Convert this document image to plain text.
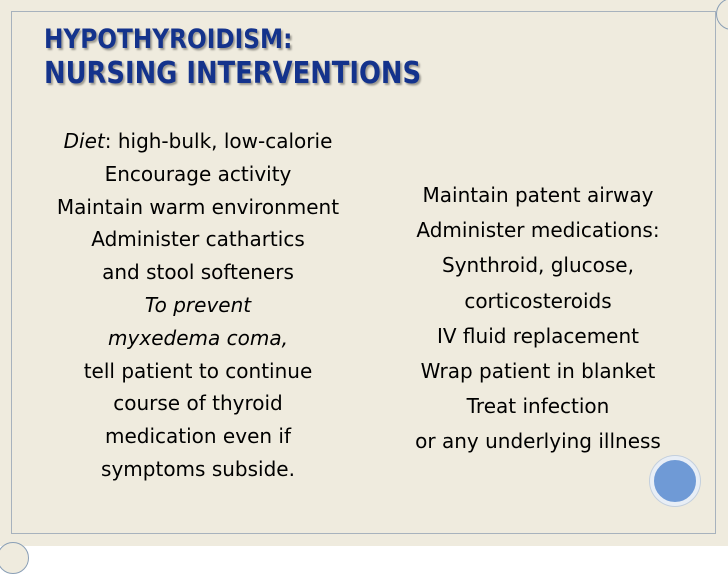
HYPOTHYROIDISM:
NURSING INTERVENTIONS
Diet: high-bulk, low-calorie
Encourage activity
Maintain warm environment
Administer cathartics
and stool softeners
To prevent
myxedema coma,
tell patient to continue
course of thyroid
medication even if
symptoms subside.
Maintain patent airway
Administer medications:
Synthroid, glucose,
corticosteroids
IV fluid replacement
Wrap patient in blanket
Treat infection
or any underlying illness
